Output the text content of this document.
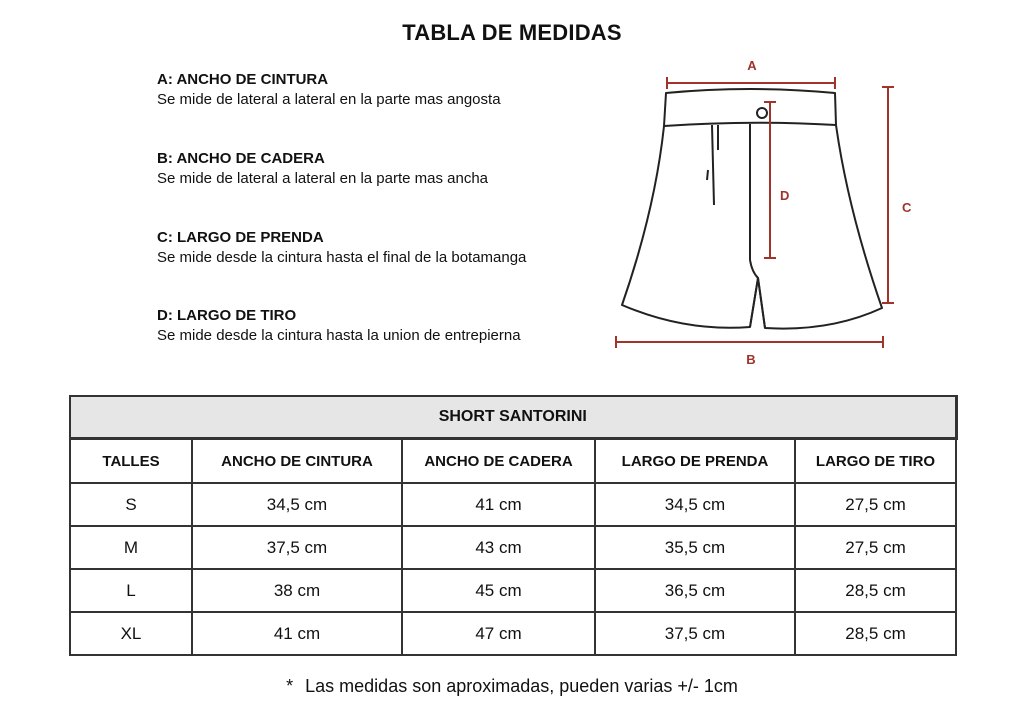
TABLA DE MEDIDAS
A: ANCHO DE CINTURA
Se mide de lateral a lateral en la parte mas angosta
B: ANCHO DE CADERA
Se mide de lateral a lateral en la parte mas ancha
C: LARGO DE PRENDA
Se mide desde la cintura hasta el final de la botamanga
D: LARGO DE TIRO
Se mide desde la cintura hasta la union de entrepierna
A
D
C
B
SHORT SANTORINI				
TALLES	ANCHO DE CINTURA	ANCHO DE CADERA	LARGO DE PRENDA	LARGO DE TIRO
S	34,5 cm	41 cm	34,5 cm	27,5 cm
M	37,5 cm	43 cm	35,5 cm	27,5 cm
L	38 cm	45 cm	36,5 cm	28,5 cm
XL	41 cm	47 cm	37,5 cm	28,5 cm
* Las medidas son aproximadas, pueden varias +/- 1cm
